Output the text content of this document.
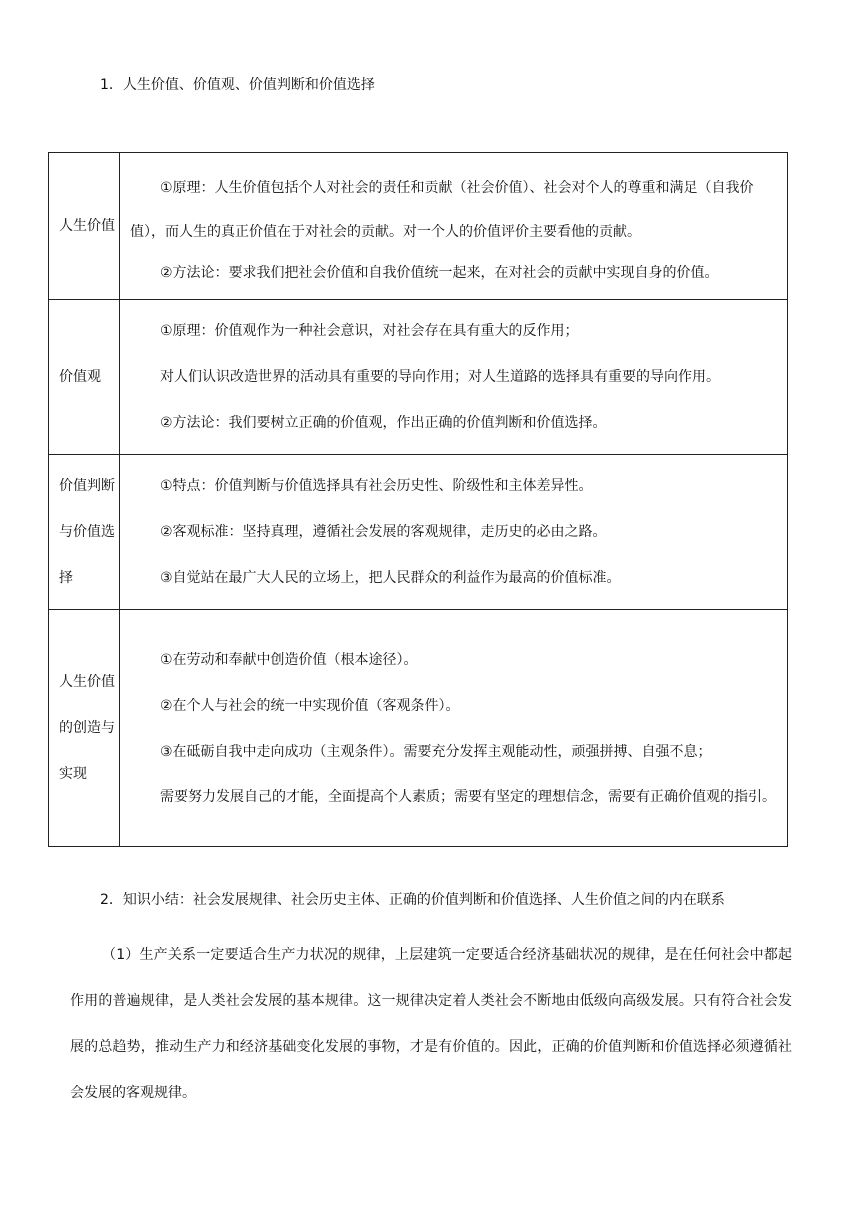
1．人生价值、价值观、价值判断和价值选择
人生价值	①原理：人生价值包括个人对社会的责任和贡献（社会价值）、社会对个人的尊重和满足（自我价值），而人生的真正价值在于对社会的贡献。对一个人的价值评价主要看他的贡献。

②方法论：要求我们把社会价值和自我价值统一起来，在对社会的贡献中实现自身的价值。

价值观	①原理：价值观作为一种社会意识，对社会存在具有重大的反作用；

对人们认识改造世界的活动具有重要的导向作用；对人生道路的选择具有重要的导向作用。

②方法论：我们要树立正确的价值观，作出正确的价值判断和价值选择。

价值判断与价值选择	①特点：价值判断与价值选择具有社会历史性、阶级性和主体差异性。

②客观标准：坚持真理，遵循社会发展的客观规律，走历史的必由之路。

③自觉站在最广大人民的立场上，把人民群众的利益作为最高的价值标准。

人生价值的创造与实现	①在劳动和奉献中创造价值（根本途径）。

②在个人与社会的统一中实现价值（客观条件）。

③在砥砺自我中走向成功（主观条件）。需要充分发挥主观能动性，顽强拼搏、自强不息；

需要努力发展自己的才能，全面提高个人素质；需要有坚定的理想信念，需要有正确价值观的指引。

2．知识小结：社会发展规律、社会历史主体、正确的价值判断和价值选择、人生价值之间的内在联系

（1）生产关系一定要适合生产力状况的规律，上层建筑一定要适合经济基础状况的规律，是在任何社会中都起作用的普遍规律，是人类社会发展的基本规律。这一规律决定着人类社会不断地由低级向高级发展。只有符合社会发展的总趋势，推动生产力和经济基础变化发展的事物，才是有价值的。因此，正确的价值判断和价值选择必须遵循社会发展的客观规律。
